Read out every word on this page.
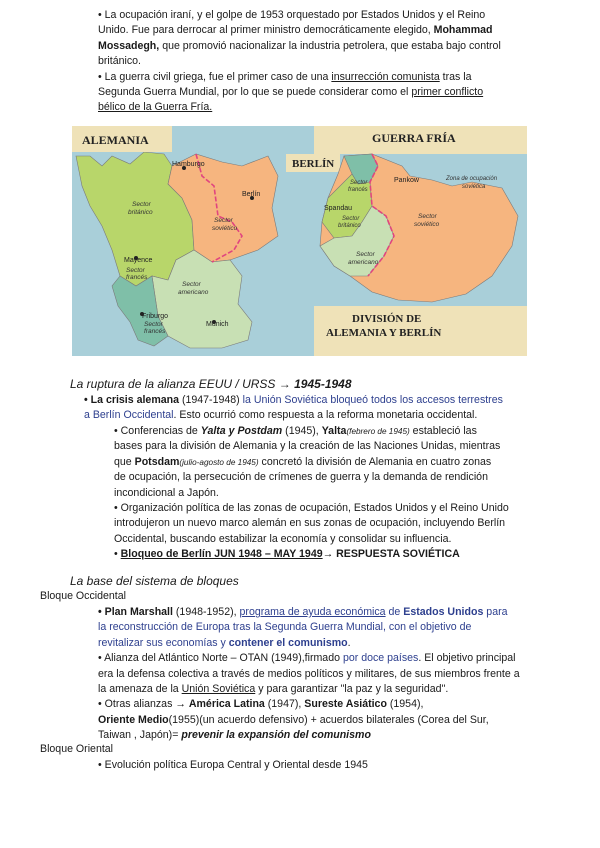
• La ocupación iraní, y el golpe de 1953 orquestado por Estados Unidos y el Reino
Unido. Fue para derrocar al primer ministro democráticamente elegido, Mohammad
Mossadegh, que promovió nacionalizar la industria petrolera, que estaba bajo control
británico.
• La guerra civil griega, fue el primer caso de una insurrección comunista tras la
Segunda Guerra Mundial, por lo que se puede considerar como el primer conflicto
bélico de la Guerra Fría.
ALEMANIA
Hamburgo
Berlín
Sector
británico
Sector
soviético
Mayence
Sector
francés
Sector
americano
Friburgo
Sector
francés
Munich
GUERRA FRÍA
BERLÍN
Pankow	Zona de ocupación
soviética
Sector
francés
Spandau
Sector
británico
Sector
soviético
Sector
americano
DIVISIÓN DE
ALEMANIA Y BERLÍN
La ruptura de la alianza EEUU / URSS → 1945-1948
• La crisis alemana (1947-1948) la Unión Soviética bloqueó todos los accesos terrestres
a Berlín Occidental. Esto ocurrió como respuesta a la reforma monetaria occidental.
• Conferencias de Yalta y Postdam (1945), Yalta(febrero de 1945) estableció las
bases para la división de Alemania y la creación de las Naciones Unidas, mientras
que Potsdam(julio-agosto de 1945) concretó la división de Alemania en cuatro zonas
de ocupación, la persecución de crímenes de guerra y la demanda de rendición
incondicional a Japón.
• Organización política de las zonas de ocupación, Estados Unidos y el Reino Unido
introdujeron un nuevo marco alemán en sus zonas de ocupación, incluyendo Berlín
Occidental, buscando estabilizar la economía y consolidar su influencia.
• Bloqueo de Berlín JUN 1948 – MAY 1949→ RESPUESTA SOVIÉTICA
La base del sistema de bloques
Bloque Occidental
• Plan Marshall (1948-1952), programa de ayuda económica de Estados Unidos para
la reconstrucción de Europa tras la Segunda Guerra Mundial, con el objetivo de
revitalizar sus economías y contener el comunismo.
• Alianza del Atlántico Norte – OTAN (1949),firmado por doce países. El objetivo principal
era la defensa colectiva a través de medios políticos y militares, de sus miembros frente a
la amenaza de la Unión Soviética y para garantizar "la paz y la seguridad".
• Otras alianzas → América Latina (1947), Sureste Asiático (1954),
Oriente Medio(1955)(un acuerdo defensivo) + acuerdos bilaterales (Corea del Sur,
Taiwan , Japón)= prevenir la expansión del comunismo
Bloque Oriental
• Evolución política Europa Central y Oriental desde 1945
